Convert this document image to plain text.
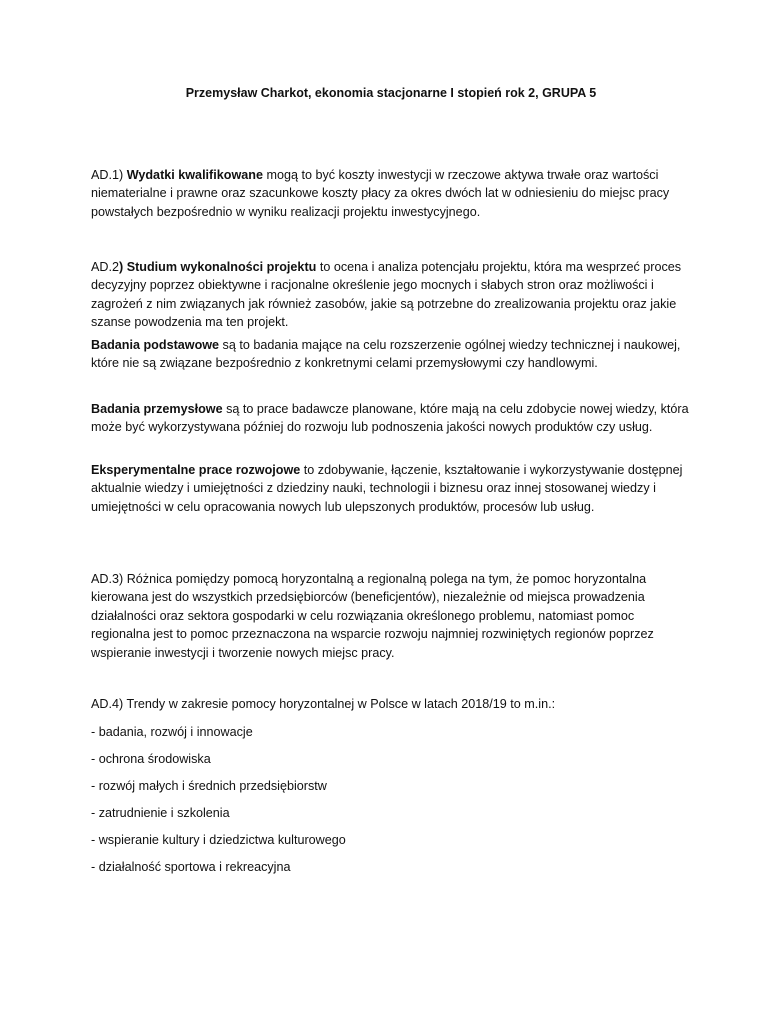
Przemysław Charkot, ekonomia stacjonarne I stopień rok 2, GRUPA 5

AD.1) Wydatki kwalifikowane mogą to być koszty inwestycji w rzeczowe aktywa trwałe oraz wartości niematerialne i prawne oraz szacunkowe koszty płacy za okres dwóch lat w odniesieniu do miejsc pracy powstałych bezpośrednio w wyniku realizacji projektu inwestycyjnego.

AD.2) Studium wykonalności projektu to ocena i analiza potencjału projektu, która ma wesprzeć proces decyzyjny poprzez obiektywne i racjonalne określenie jego mocnych i słabych stron oraz możliwości i zagrożeń z nim związanych jak również zasobów, jakie są potrzebne do zrealizowania projektu oraz jakie szanse powodzenia ma ten projekt.

Badania podstawowe są to badania mające na celu rozszerzenie ogólnej wiedzy technicznej i naukowej, które nie są związane bezpośrednio z konkretnymi celami przemysłowymi czy handlowymi.

Badania przemysłowe są to prace badawcze planowane, które mają na celu zdobycie nowej wiedzy, która może być wykorzystywana później do rozwoju lub podnoszenia jakości nowych produktów czy usług.

Eksperymentalne prace rozwojowe to zdobywanie, łączenie, kształtowanie i wykorzystywanie dostępnej aktualnie wiedzy i umiejętności z dziedziny nauki, technologii i biznesu oraz innej stosowanej wiedzy i umiejętności w celu opracowania nowych lub ulepszonych produktów, procesów lub usług.

AD.3) Różnica pomiędzy pomocą horyzontalną a regionalną polega na tym, że pomoc horyzontalna kierowana jest do wszystkich przedsiębiorców (beneficjentów), niezależnie od miejsca prowadzenia działalności oraz sektora gospodarki w celu rozwiązania określonego problemu, natomiast pomoc regionalna jest to pomoc przeznaczona na wsparcie rozwoju najmniej rozwiniętych regionów poprzez wspieranie inwestycji i tworzenie nowych miejsc pracy.

AD.4) Trendy w zakresie pomocy horyzontalnej w Polsce w latach 2018/19 to m.in.:

- badania, rozwój i innowacje
- ochrona środowiska
- rozwój małych i średnich przedsiębiorstw
- zatrudnienie i szkolenia
- wspieranie kultury i dziedzictwa kulturowego
- działalność sportowa i rekreacyjna
